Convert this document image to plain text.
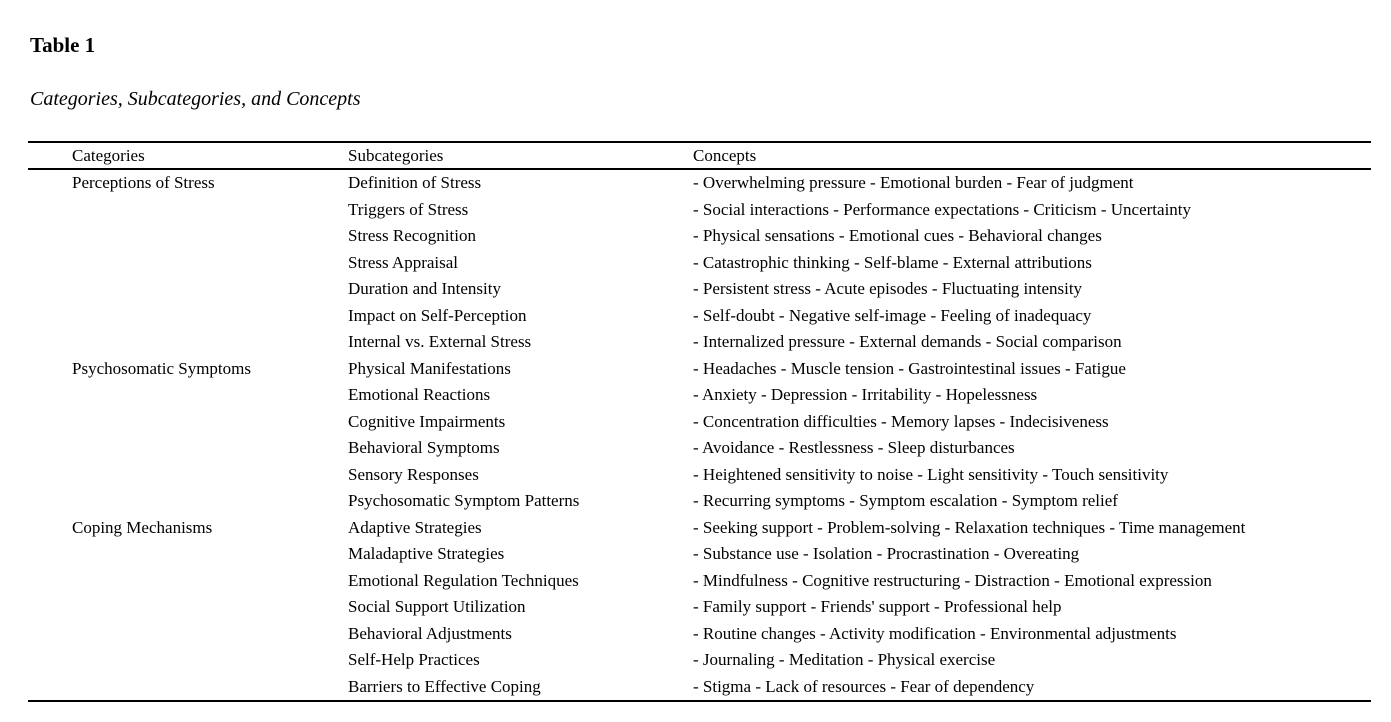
Table 1
Categories, Subcategories, and Concepts
Categories	Subcategories	Concepts
Perceptions of Stress	Definition of Stress	- Overwhelming pressure - Emotional burden - Fear of judgment
	Triggers of Stress	- Social interactions - Performance expectations - Criticism - Uncertainty
	Stress Recognition	- Physical sensations - Emotional cues - Behavioral changes
	Stress Appraisal	- Catastrophic thinking - Self-blame - External attributions
	Duration and Intensity	- Persistent stress - Acute episodes - Fluctuating intensity
	Impact on Self-Perception	- Self-doubt - Negative self-image - Feeling of inadequacy
	Internal vs. External Stress	- Internalized pressure - External demands - Social comparison
Psychosomatic Symptoms	Physical Manifestations	- Headaches - Muscle tension - Gastrointestinal issues - Fatigue
	Emotional Reactions	- Anxiety - Depression - Irritability - Hopelessness
	Cognitive Impairments	- Concentration difficulties - Memory lapses - Indecisiveness
	Behavioral Symptoms	- Avoidance - Restlessness - Sleep disturbances
	Sensory Responses	- Heightened sensitivity to noise - Light sensitivity - Touch sensitivity
	Psychosomatic Symptom Patterns	- Recurring symptoms - Symptom escalation - Symptom relief
Coping Mechanisms	Adaptive Strategies	- Seeking support - Problem-solving - Relaxation techniques - Time management
	Maladaptive Strategies	- Substance use - Isolation - Procrastination - Overeating
	Emotional Regulation Techniques	- Mindfulness - Cognitive restructuring - Distraction - Emotional expression
	Social Support Utilization	- Family support - Friends' support - Professional help
	Behavioral Adjustments	- Routine changes - Activity modification - Environmental adjustments
	Self-Help Practices	- Journaling - Meditation - Physical exercise
	Barriers to Effective Coping	- Stigma - Lack of resources - Fear of dependency
